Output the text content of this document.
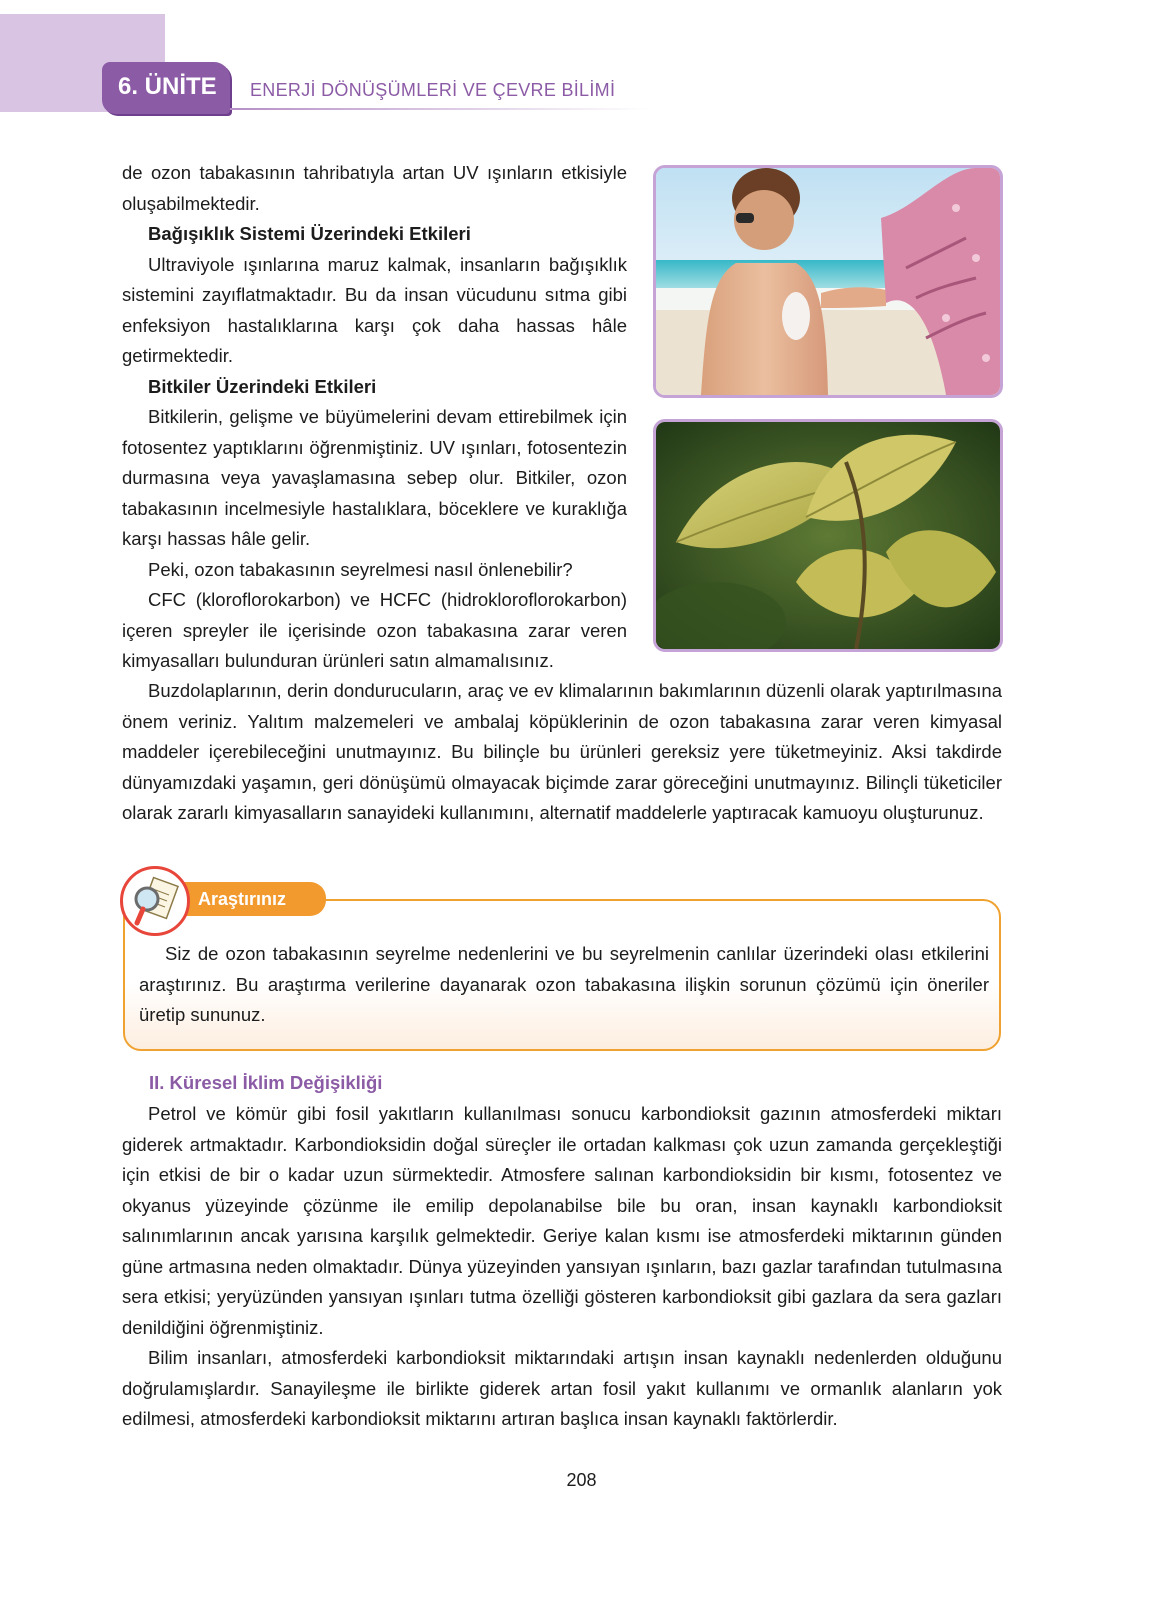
6. ÜNİTE ENERJİ DÖNÜŞÜMLERİ VE ÇEVRE BİLİMİ

de ozon tabakasının tahribatıyla artan UV ışınların etkisiyle oluşabilmektedir.

Bağışıklık Sistemi Üzerindeki Etkileri

Ultraviyole ışınlarına maruz kalmak, insanların bağışıklık sistemini zayıflatmaktadır. Bu da insan vücudunu sıtma gibi enfeksiyon hastalıklarına karşı çok daha hassas hâle getirmektedir.

Bitkiler Üzerindeki Etkileri

Bitkilerin, gelişme ve büyümelerini devam ettirebilmek için fotosentez yaptıklarını öğrenmiştiniz. UV ışınları, fotosentezin durmasına veya yavaşlamasına sebep olur. Bitkiler, ozon tabakasının incelmesiyle hastalıklara, böceklere ve kuraklığa karşı hassas hâle gelir.

Peki, ozon tabakasının seyrelmesi nasıl önlenebilir?

CFC (kloroflorokarbon) ve HCFC (hidrokloroflorokarbon) içeren spreyler ile içerisinde ozon tabakasına zarar veren kimyasalları bulunduran ürünleri satın almamalısınız.

Buzdolaplarının, derin dondurucuların, araç ve ev klimalarının bakımlarının düzenli olarak yaptırılmasına önem veriniz. Yalıtım malzemeleri ve ambalaj köpüklerinin de ozon tabakasına zarar veren kimyasal maddeler içerebileceğini unutmayınız. Bu bilinçle bu ürünleri gereksiz yere tüketmeyiniz. Aksi takdirde dünyamızdaki yaşamın, geri dönüşümü olmayacak biçimde zarar göreceğini unutmayınız. Bilinçli tüketiciler olarak zararlı kimyasalların sanayideki kullanımını, alternatif maddelerle yaptıracak kamuoyu oluşturunuz.

Siz de ozon tabakasının seyrelme nedenlerini ve bu seyrelmenin canlılar üzerindeki olası etkilerini araştırınız. Bu araştırma verilerine dayanarak ozon tabakasına ilişkin sorunun çözümü için öneriler üretip sununuz.

Araştırınız
II. Küresel İklim Değişikliği

Petrol ve kömür gibi fosil yakıtların kullanılması sonucu karbondioksit gazının atmosferdeki miktarı giderek artmaktadır. Karbondioksidin doğal süreçler ile ortadan kalkması çok uzun zamanda gerçekleştiği için etkisi de bir o kadar uzun sürmektedir. Atmosfere salınan karbondioksidin bir kısmı, fotosentez ve okyanus yüzeyinde çözünme ile emilip depolanabilse bile bu oran, insan kaynaklı karbondioksit salınımlarının ancak yarısına karşılık gelmektedir. Geriye kalan kısmı ise atmosferdeki miktarının günden güne artmasına neden olmaktadır. Dünya yüzeyinden yansıyan ışınların, bazı gazlar tarafından tutulmasına sera etkisi; yeryüzünden yansıyan ışınları tutma özelliği gösteren karbondioksit gibi gazlara da sera gazları denildiğini öğrenmiştiniz.

Bilim insanları, atmosferdeki karbondioksit miktarındaki artışın insan kaynaklı nedenlerden olduğunu doğrulamışlardır. Sanayileşme ile birlikte giderek artan fosil yakıt kullanımı ve ormanlık alanların yok edilmesi, atmosferdeki karbondioksit miktarını artıran başlıca insan kaynaklı faktörlerdir.

208
